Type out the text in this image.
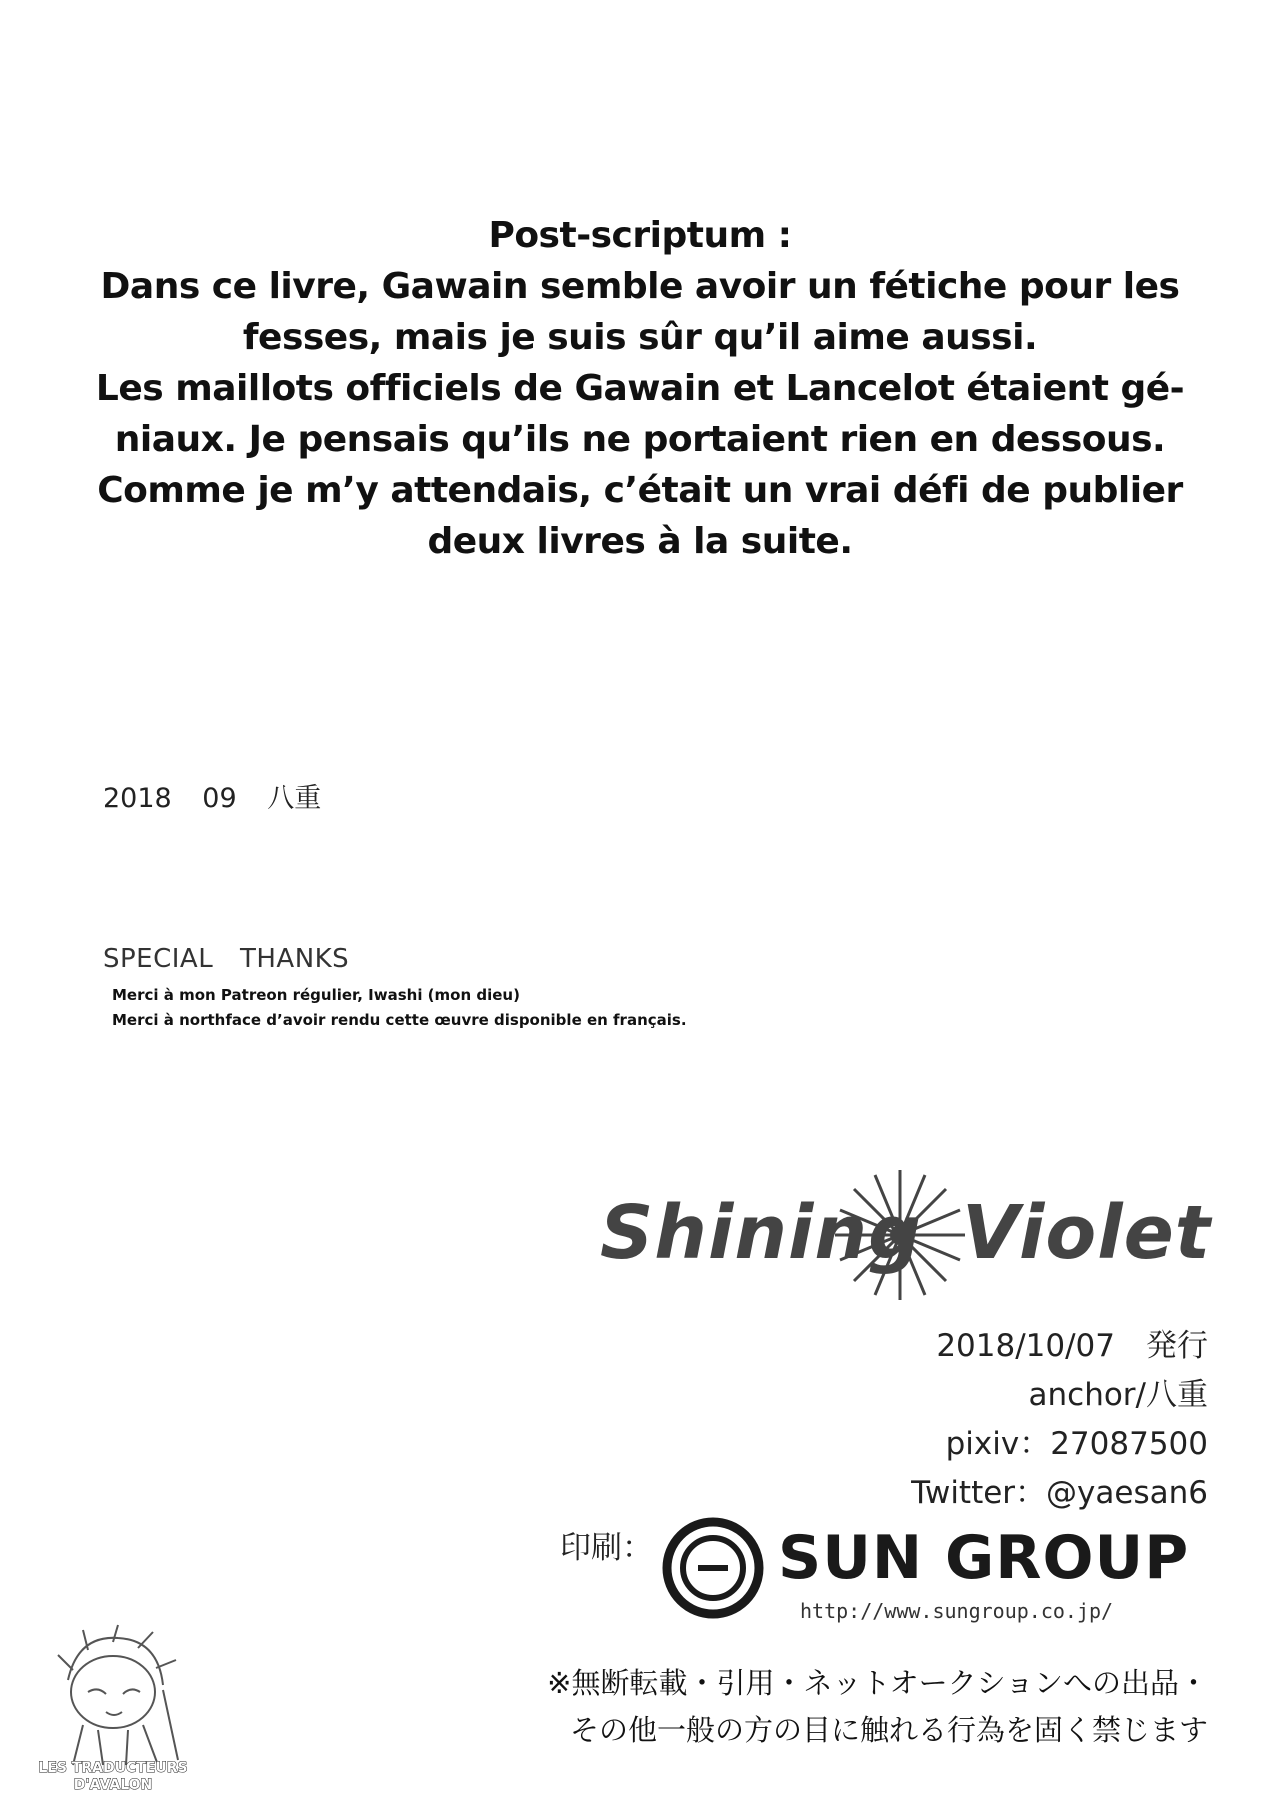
Post-scriptum :
Dans ce livre, Gawain semble avoir un fétiche pour les
fesses, mais je suis sûr qu’il aime aussi.
Les maillots officiels de Gawain et Lancelot étaient gé-
niaux. Je pensais qu’ils ne portaient rien en dessous.
Comme je m’y attendais, c’était un vrai défi de publier
deux livres à la suite.
2018 09 八重
SPECIAL THANKS
Merci à mon Patreon régulier, Iwashi (mon dieu)
Merci à northface d’avoir rendu cette œuvre disponible en français.
Shining Violet
2018/10/07　発行
anchor/八重
pixiv：27087500
Twitter：@yaesan6
印刷： SUN GROUP
http://www.sungroup.co.jp/
※無断転載・引用・ネットオークションへの出品・
その他一般の方の目に触れる行為を固く禁じます
LES TRADUCTEURS
D'AVALON
